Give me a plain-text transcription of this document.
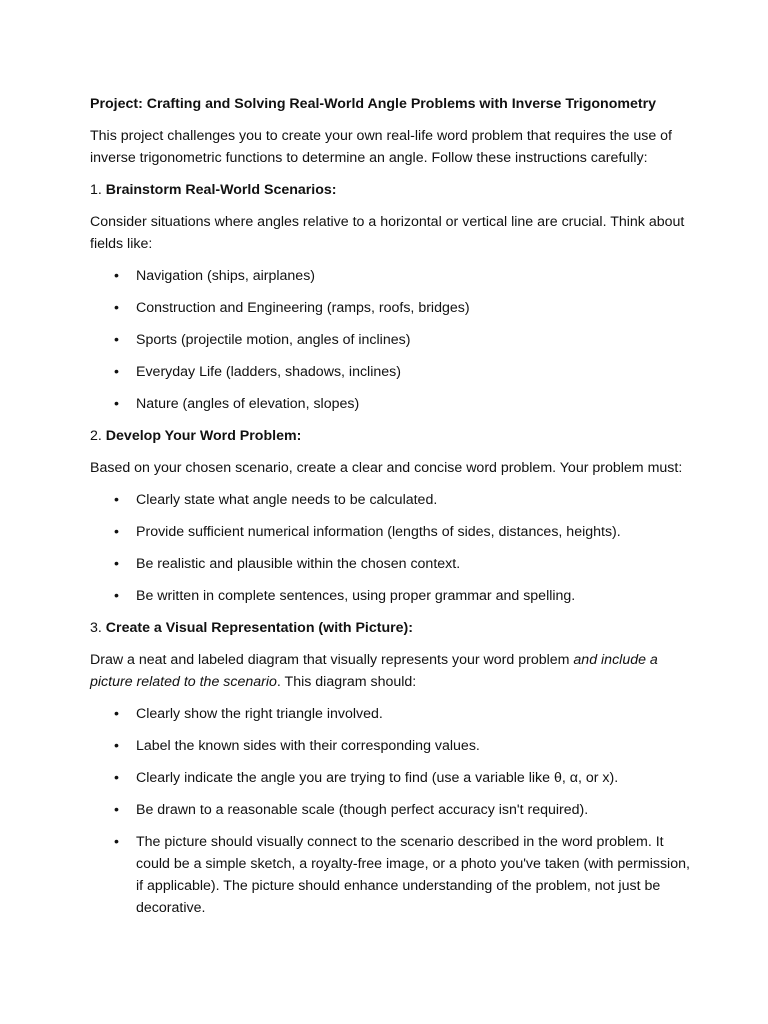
Project: Crafting and Solving Real-World Angle Problems with Inverse Trigonometry

This project challenges you to create your own real-life word problem that requires the use of inverse trigonometric functions to determine an angle. Follow these instructions carefully:

1. Brainstorm Real-World Scenarios:

Consider situations where angles relative to a horizontal or vertical line are crucial. Think about fields like:

•	Navigation (ships, airplanes)
•	Construction and Engineering (ramps, roofs, bridges)
•	Sports (projectile motion, angles of inclines)
•	Everyday Life (ladders, shadows, inclines)
•	Nature (angles of elevation, slopes)

2. Develop Your Word Problem:

Based on your chosen scenario, create a clear and concise word problem. Your problem must:

•	Clearly state what angle needs to be calculated.
•	Provide sufficient numerical information (lengths of sides, distances, heights).
•	Be realistic and plausible within the chosen context.
•	Be written in complete sentences, using proper grammar and spelling.

3. Create a Visual Representation (with Picture):

Draw a neat and labeled diagram that visually represents your word problem and include a picture related to the scenario. This diagram should:

•	Clearly show the right triangle involved.
•	Label the known sides with their corresponding values.
•	Clearly indicate the angle you are trying to find (use a variable like θ, α, or x).
•	Be drawn to a reasonable scale (though perfect accuracy isn't required).
•	The picture should visually connect to the scenario described in the word problem. It could be a simple sketch, a royalty-free image, or a photo you've taken (with permission, if applicable). The picture should enhance understanding of the problem, not just be decorative.
